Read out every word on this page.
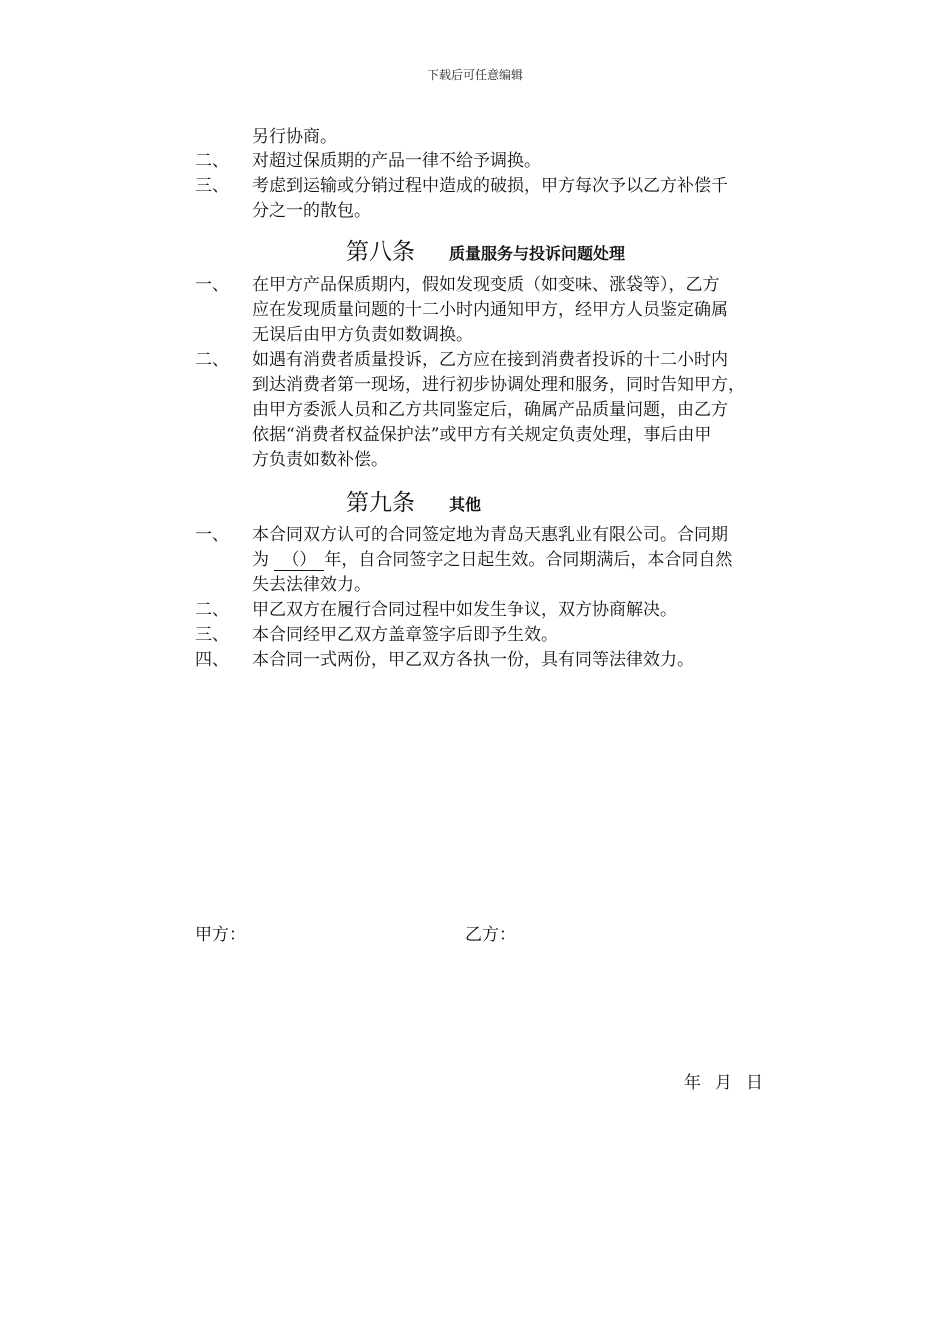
下载后可任意编辑
另行协商。
二、 对超过保质期的产品一律不给予调换。
三、 考虑到运输或分销过程中造成的破损，甲方每次予以乙方补偿千
分之一的散包。
第八条 质量服务与投诉问题处理
一、 在甲方产品保质期内，假如发现变质（如变味、涨袋等），乙方
应在发现质量问题的十二小时内通知甲方，经甲方人员鉴定确属
无误后由甲方负责如数调换。
二、 如遇有消费者质量投诉，乙方应在接到消费者投诉的十二小时内
到达消费者第一现场，进行初步协调处理和服务，同时告知甲方，
由甲方委派人员和乙方共同鉴定后，确属产品质量问题，由乙方
依据“消费者权益保护法”或甲方有关规定负责处理，事后由甲
方负责如数补偿。
第九条 其他
一、 本合同双方认可的合同签定地为青岛天惠乳业有限公司。合同期
为 （） 年，自合同签字之日起生效。合同期满后，本合同自然
失去法律效力。
二、 甲乙双方在履行合同过程中如发生争议，双方协商解决。
三、 本合同经甲乙双方盖章签字后即予生效。
四、 本合同一式两份，甲乙双方各执一份，具有同等法律效力。
甲方：	乙方：
年 月 日
